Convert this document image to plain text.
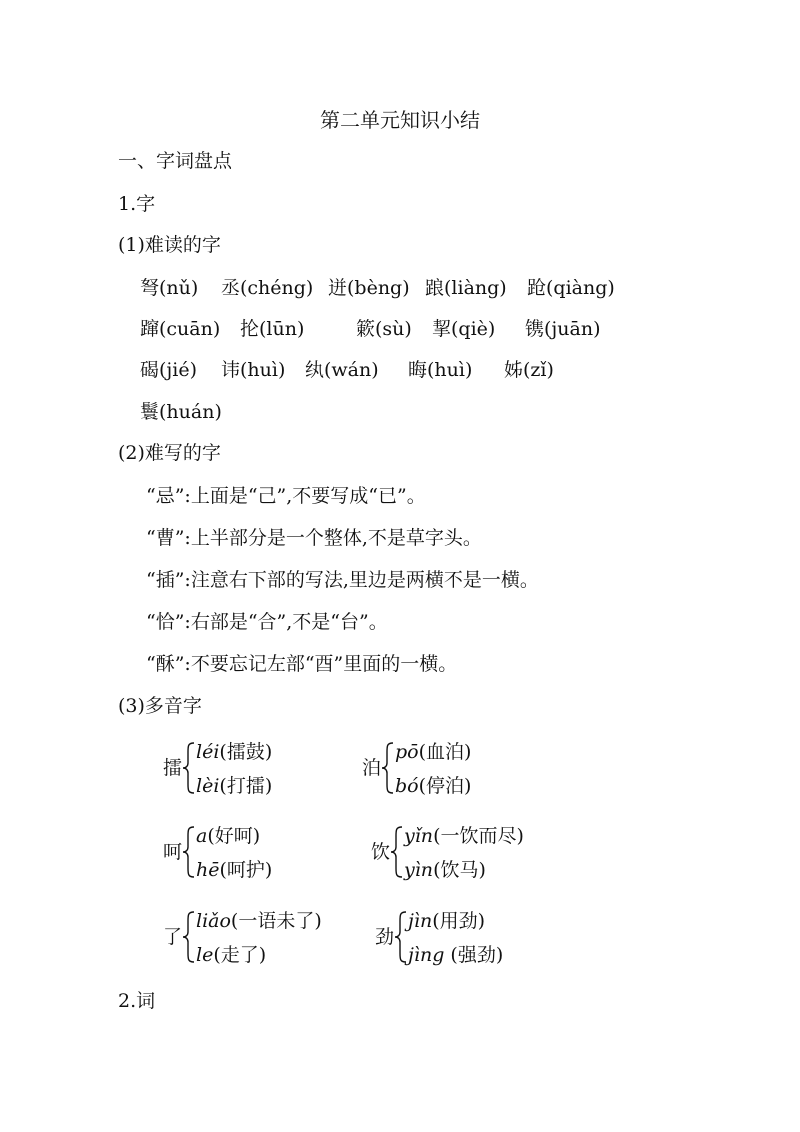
第二单元知识小结
一、字词盘点
1.字
(1)难读的字
弩(nǔ) 丞(chéng) 迸(bèng) 踉(liàng) 跄(qiàng)
蹿(cuān) 抡(lūn)	簌(sù) 挈(qiè) 镌(juān)
碣(jié) 讳(huì) 纨(wán) 晦(huì) 姊(zǐ)
鬟(huán)
(2)难写的字
“忌”:上面是“己”,不要写成“已”。
“曹”:上半部分是一个整体,不是草字头。
“插”:注意右下部的写法,里边是两横不是一横。
“恰”:右部是“合”,不是“台”。
“酥”:不要忘记左部“酉”里面的一横。
(3)多音字
擂
léi(擂鼓)
lèi(打擂)
泊
pō(血泊)
bó(停泊)
呵
a(好呵)
hē(呵护)
饮
yǐn(一饮而尽)
yìn(饮马)
了
liǎo(一语未了)
le(走了)
劲
jìn(用劲)
jìng (强劲)
2.词
